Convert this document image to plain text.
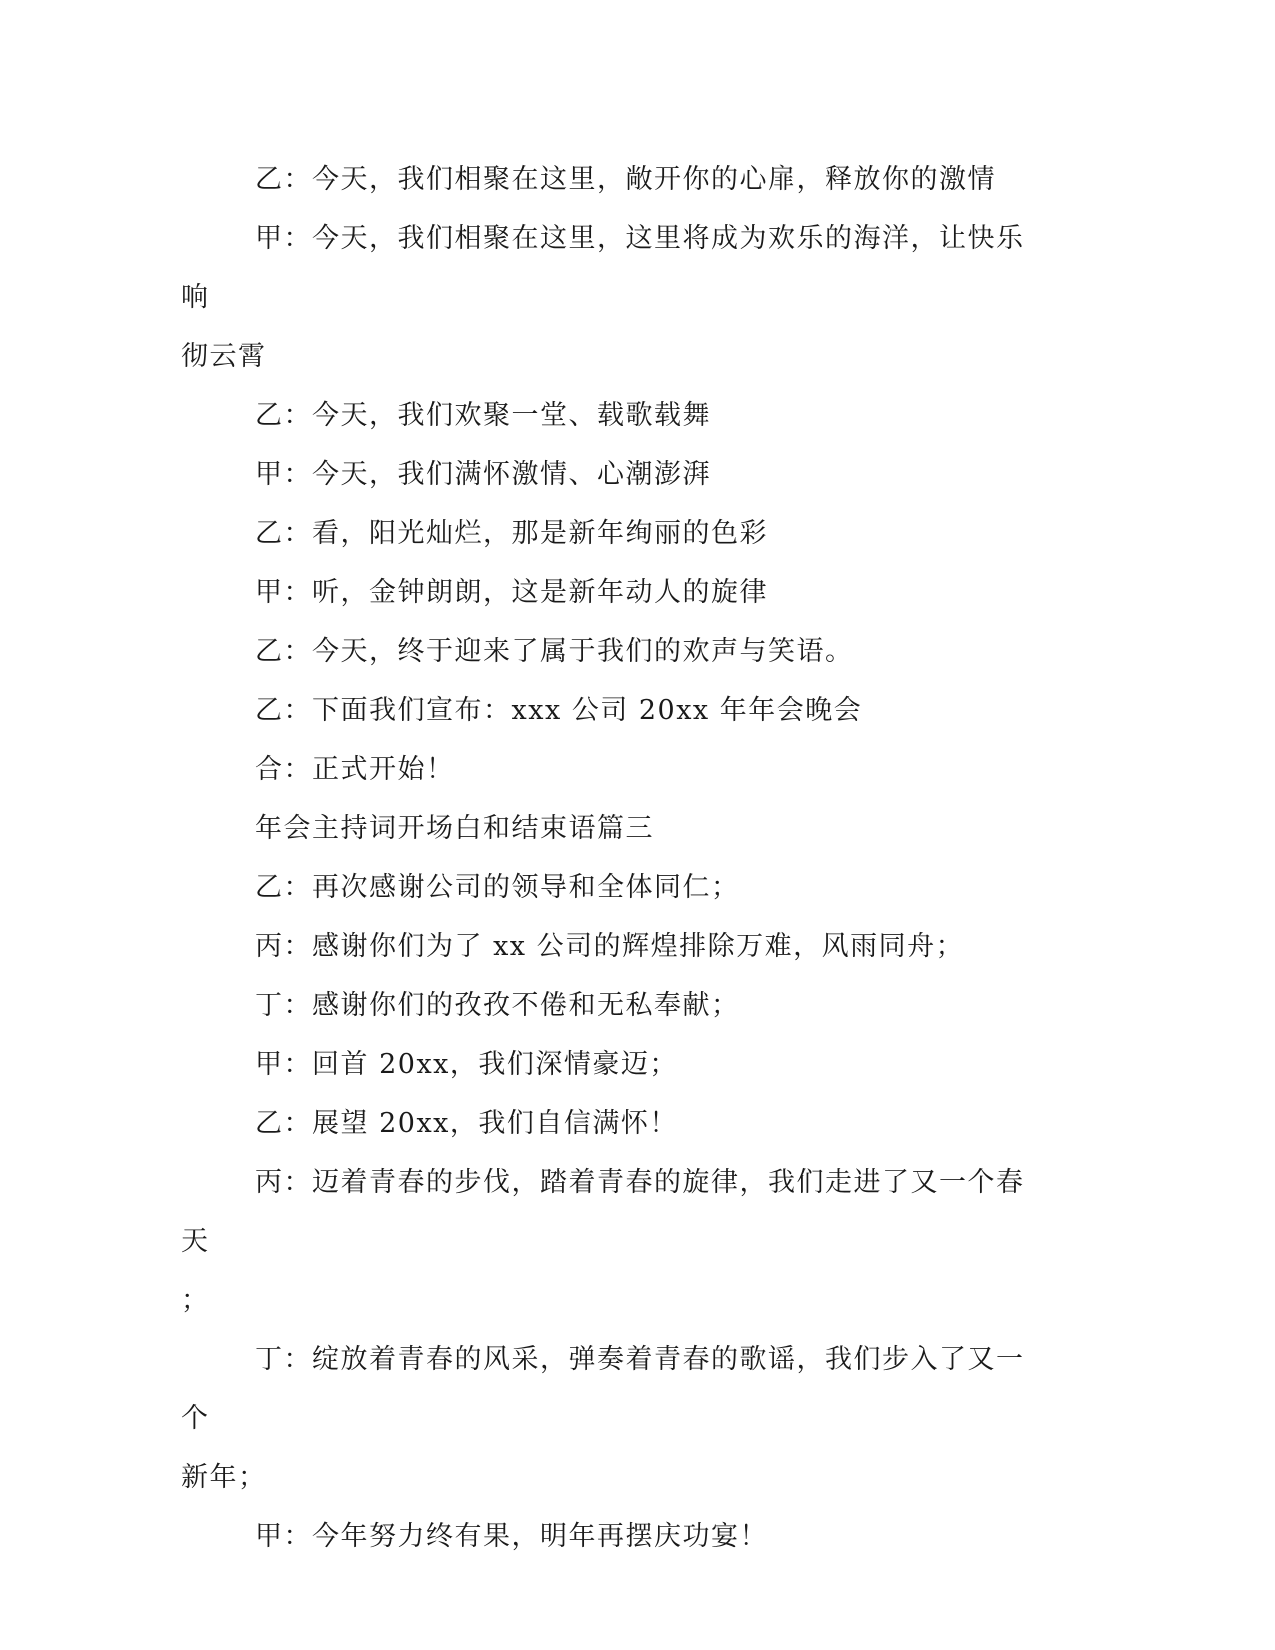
乙：今天，我们相聚在这里，敞开你的心扉，释放你的激情

甲：今天，我们相聚在这里，这里将成为欢乐的海洋，让快乐响
彻云霄

乙：今天，我们欢聚一堂、载歌载舞

甲：今天，我们满怀激情、心潮澎湃

乙：看，阳光灿烂，那是新年绚丽的色彩

甲：听，金钟朗朗，这是新年动人的旋律

乙：今天，终于迎来了属于我们的欢声与笑语。

乙：下面我们宣布：xxx 公司 20xx 年年会晚会

合：正式开始！

年会主持词开场白和结束语篇三

乙：再次感谢公司的领导和全体同仁；

丙：感谢你们为了 xx 公司的辉煌排除万难，风雨同舟；

丁：感谢你们的孜孜不倦和无私奉献；

甲：回首 20xx，我们深情豪迈；

乙：展望 20xx，我们自信满怀！

丙：迈着青春的步伐，踏着青春的旋律，我们走进了又一个春天
；

丁：绽放着青春的风采，弹奏着青春的歌谣，我们步入了又一个
新年；

甲：今年努力终有果，明年再摆庆功宴！
